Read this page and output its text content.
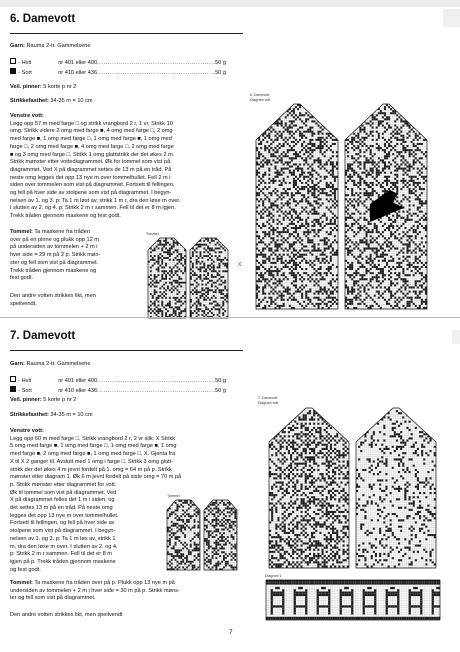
6. Damevott
Garn: Rauma 2-tr. Gammelserie
- Hvit	nr 401 eller 400 .....	50 g
- Sort	nr 410 eller 436 .....	50 g
Veil. pinner: 5 korte p nr 2
Strikkefasthet: 34-35 m = 10 cm
Venstre vott:
Legg opp 57 m med farge □ og strikk vrangbord 2 r, 1 vr. Strikk 10
omg. Strikk videre 2 omg med farge ■, 4 omg med farge □, 2 omg
med farge ■, 1 omg med farge □, 1 omg med farge ■, 1 omg med
farge □, 2 omg med farge ■, 4 omg med farge □, 2 omg med farge
■ og 3 omg med farge □. Strikk 1 omg glattstrikk der det økes 2 m.
Strikk mønster etter vottediagrammet. Øk for tommel som vist på
diagrammet. Ved X på diagrammet settes de 13 m på en tråd. På
neste omg legges det opp 13 nye m over tommelhullet. Fell 2 m i
siden over tommelen som vist på diagrammet. Fortsett til fellingen,
og fell på hver side av stolpene som vist på diagrammet. I begyn-
nelsen av 1. og 3. p: Ta 1 m løst av, strikk 1 m r, dra den løse m over.
I slutten av 2. og 4. p: Strikk 2 m r sammen. Fell til det er 8 m igjen.
Trekk tråden gjennom maskene og fest godt.
Tommel: Ta maskene fra tråden
over på en pinne og plukk opp 12 m
på undersiden av tommelen + 2 m i
hver side = 29 m på 2 p. Strikk møn-
ster og fell som vist på diagrammet.
Trekk tråden gjennom maskene og
fest godt.
Den andre votten strikkes likt, men
speilvendt.
6. Damevott
Diagram vott
Tommel
X
7. Damevott
Garn: Rauma 2-tr. Gammelserie
- Hvit	nr 401 eller 400 .....	50 g
- Sort	nr 410 eller 436 .....	50 g
Veil. pinner: 5 korte p nr 2
Strikkefasthet: 34-35 m = 10 cm
Venstre vott:
Legg opp 60 m med farge □. Strikk vrangbord 2 r, 2 vr slik: X Strikk
5 omg med farge ■, 1 omg med farge □, 1 omg med farge ■, 1 omg
med farge ■, 2 omg med farge ■, 1 omg med farge □, X. Gjenta fra
X til X 2 ganger til. Avslutt med 1 omg i farge □. Strikk 3 omg glatt-
strikk der det økes 4 m jevnt fordelt på 1. omg = 64 m på p. Strikk
mønster etter diagram 1. Øk 6 m jevnt fordelt på siste omg = 70 m på
p. Strikk mønster etter diagrammet for vott.
Øk til tommel som vist på diagrammet. Ved
X på diagrammet felles det 1 m i siden, og
det settes 13 m på en tråd. På neste omg
legges det opp 13 nye m over tommelhullet.
Fortsett til fellingen, og fell på hver side av
stolpene som vist på diagrammet. I begyn-
nelsen av 1. og 3. p: Ta 1 m løs av, strikk 1
m, dra den løse m over. I slutten av 2. og 4.
p: Strikk 2 m r sammen. Fell til det er 8 m
igjen på p. Trekk tråden gjennom maskene
og fest godt.
Tommel: Ta maskene fra tråden over på p. Plukk opp 13 nye m på
undersiden av tommelen + 2 m i hver side = 30 m på p. Strikk møns-
ter og fell som vist på diagrammet.
Den andre votten strikkes likt, men speilvendt
7. Damevott
Diagram vott
Tommel
Diagram 1
7
